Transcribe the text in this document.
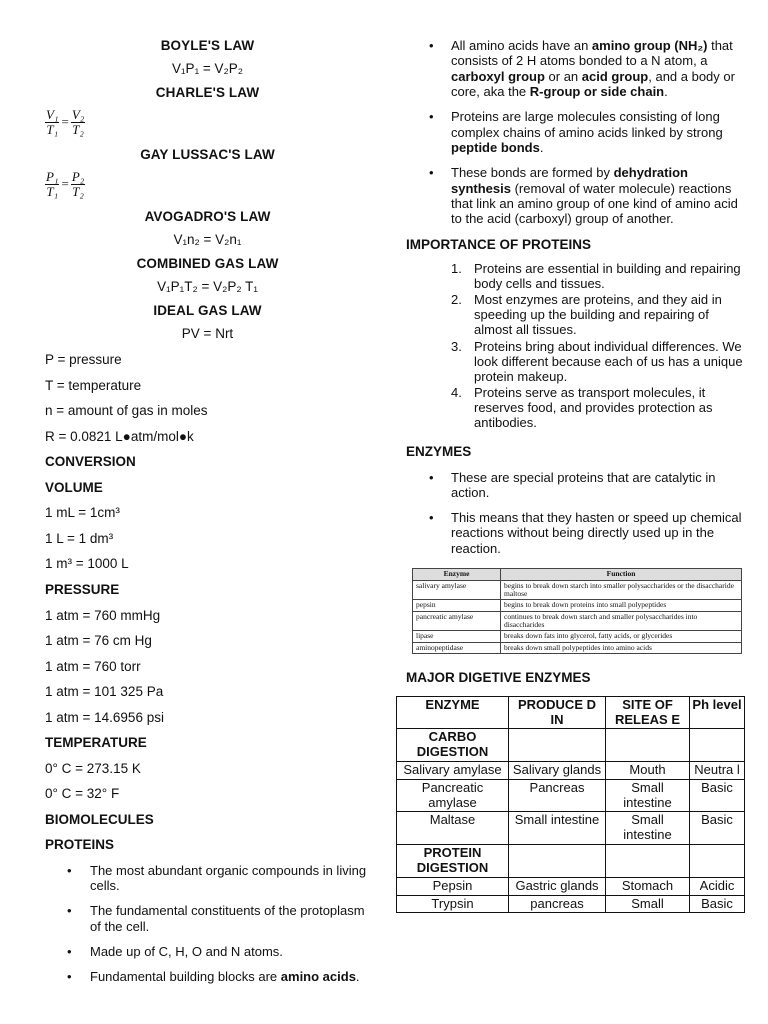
BOYLE'S LAW
V₁P₁ = V₂P₂
CHARLE'S LAW
$\frac{\text{V₁}}{\text{T₁}} = \frac{\text{V₂}}{\text{T₂}}$
GAY LUSSAC'S LAW
$\frac{\text{P₁}}{\text{T₁}} = \frac{\text{P₂}}{\text{T₂}}$
AVOGADRO'S LAW
V₁n₂ = V₂n₁
COMBINED GAS LAW
V₁P₁T₂ = V₂P₂ T₁
IDEAL GAS LAW
PV = Nrt
P = pressure
T = temperature
n = amount of gas in moles
R = 0.0821 L●atm/mol●k
CONVERSION
VOLUME
1 mL = 1cm³
1 L = 1 dm³
1 m³ = 1000 L
PRESSURE
1 atm = 760 mmHg
1 atm = 76 cm Hg
1 atm = 760 torr
1 atm = 101 325 Pa
1 atm = 14.6956 psi
TEMPERATURE
0° C = 273.15 K
0° C = 32° F
BIOMOLECULES
PROTEINS
• The most abundant organic compounds in living cells.
• The fundamental constituents of the protoplasm of the cell.
• Made up of C, H, O and N atoms.
• Fundamental building blocks are amino acids.
• All amino acids have an amino group (NH₂) that consists of 2 H atoms bonded to a N atom, a carboxyl group or an acid group, and a body or core, aka the R-group or side chain.
• Proteins are large molecules consisting of long complex chains of amino acids linked by strong peptide bonds.
• These bonds are formed by dehydration synthesis (removal of water molecule) reactions that link an amino group of one kind of amino acid to the acid (carboxyl) group of another.
IMPORTANCE OF PROTEINS
1. Proteins are essential in building and repairing body cells and tissues.
2. Most enzymes are proteins, and they aid in speeding up the building and repairing of almost all tissues.
3. Proteins bring about individual differences. We look different because each of us has a unique protein makeup.
4. Proteins serve as transport molecules, it reserves food, and provides protection as antibodies.
ENZYMES
• These are special proteins that are catalytic in action.
• This means that they hasten or speed up chemical reactions without being directly used up in the reaction.
Enzyme	Function
salivary amylase	begins to break down starch into smaller polysaccharides or the disaccharide maltose
pepsin	begins to break down proteins into small polypeptides
pancreatic amylase	continues to break down starch and smaller polysaccharides into disaccharides
lipase	breaks down fats into glycerol, fatty acids, or glycerides
aminopeptidase	breaks down small polypeptides into amino acids
MAJOR DIGETIVE ENZYMES
ENZYME	PRODUCE D IN	SITE OF RELEAS E	Ph level
CARBO DIGESTION			
Salivary amylase	Salivary glands	Mouth	Neutra l
Pancreatic amylase	Pancreas	Small intestine	Basic
Maltase	Small intestine	Small intestine	Basic
PROTEIN DIGESTION			
Pepsin	Gastric glands	Stomach	Acidic
Trypsin	pancreas	Small	Basic
